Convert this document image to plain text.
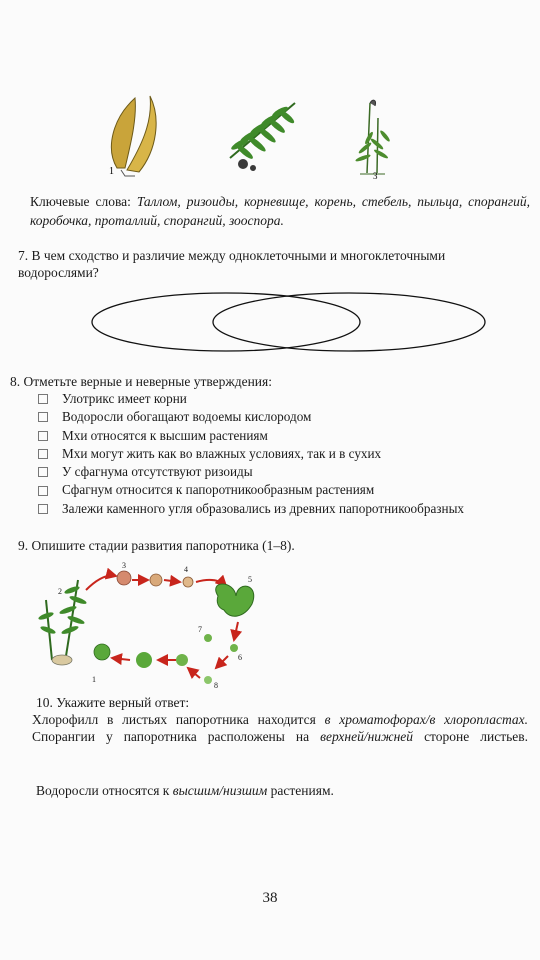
1	3
Ключевые слова: Таллом, ризоиды, корневище, корень, стебель, пыльца, спорангий, коробочка, проталлий, спорангий, зооспора.
7. В чем сходство и различие между одноклеточными и многоклеточными водорослями?
8. Отметьте верные и неверные утверждения:
Улотрикс имеет корни
Водоросли обогащают водоемы кислородом
Мхи относятся к высшим растениям
Мхи могут жить как во влажных условиях, так и в сухих
У сфагнума отсутствуют ризоиды
Сфагнум относится к папоротникообразным растениям
Залежи каменного угля образовались из древних папоротникообразных
9. Опишите стадии развития папоротника (1–8).
1
2
3	4
5
6
7
8
10. Укажите верный ответ:
Хлорофилл в листьях папоротника находится в хроматофорах/в хлоропластах.
Спорангии у папоротника расположены на верхней/нижней стороне листьев.
Водоросли относятся к высшим/низшим растениям.
38
